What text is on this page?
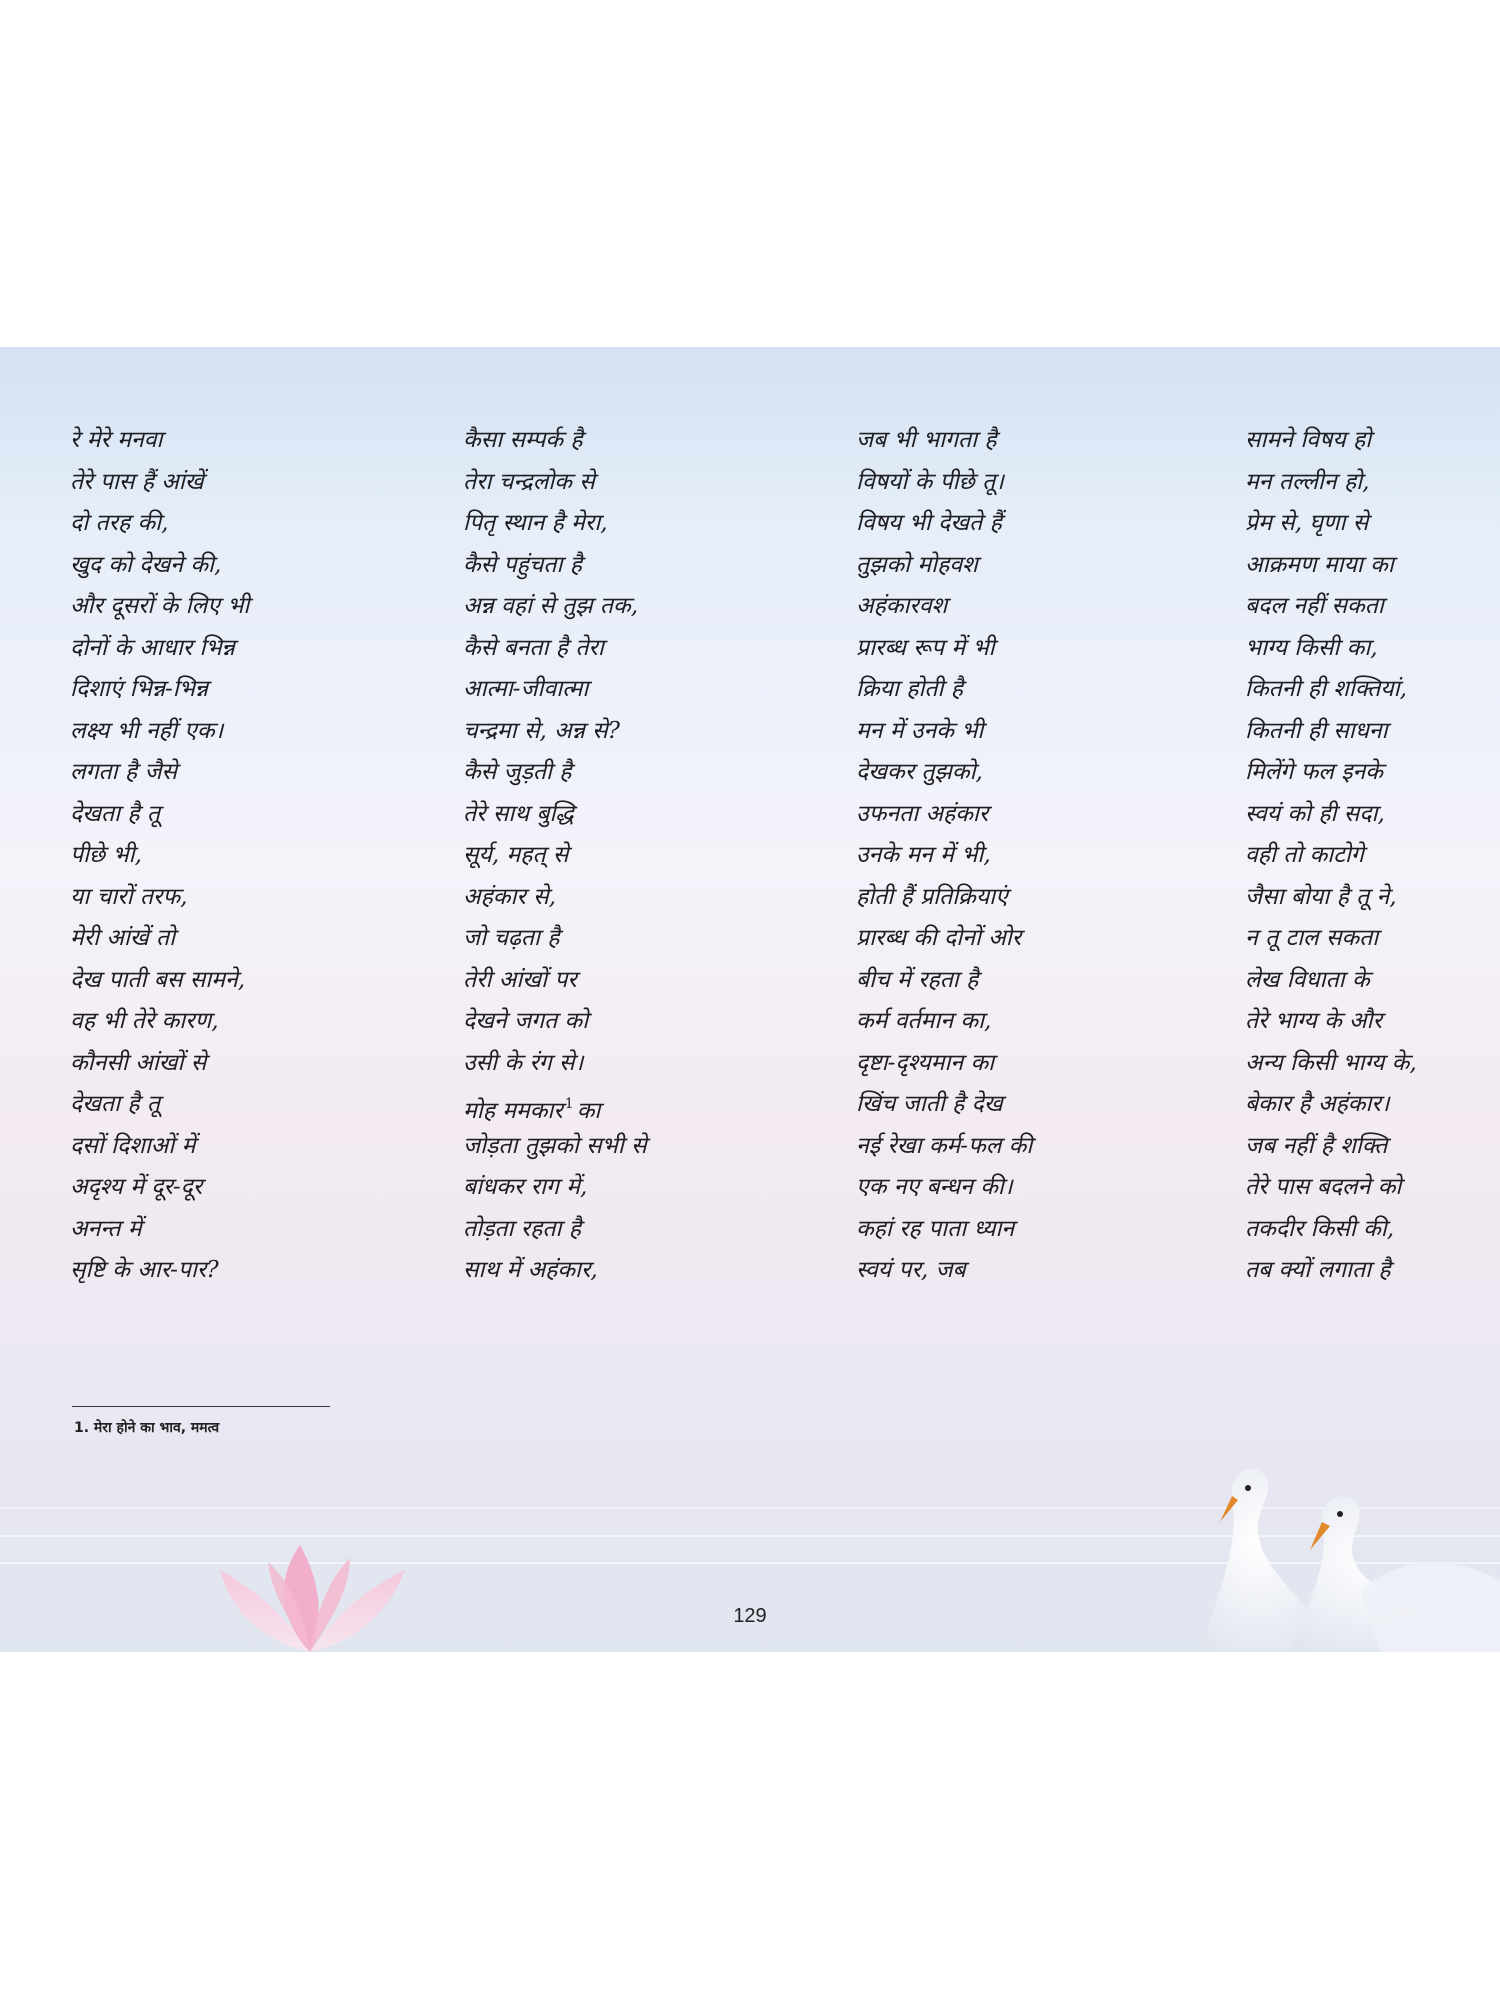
रे मेरे मनवा
तेरे पास हैं आंखें
दो तरह की,
खुद को देखने की,
और दूसरों के लिए भी
दोनों के आधार भिन्न
दिशाएं भिन्न-भिन्न
लक्ष्य भी नहीं एक।
लगता है जैसे
देखता है तू
पीछे भी,
या चारों तरफ,
मेरी आंखें तो
देख पाती बस सामने,
वह भी तेरे कारण,
कौनसी आंखों से
देखता है तू
दसों दिशाओं में
अदृश्य में दूर-दूर
अनन्त में
सृष्टि के आर-पार?
कैसा सम्पर्क है
तेरा चन्द्रलोक से
पितृ स्थान है मेरा,
कैसे पहुंचता है
अन्न वहां से तुझ तक,
कैसे बनता है तेरा
आत्मा-जीवात्मा
चन्द्रमा से, अन्न से?
कैसे जुड़ती है
तेरे साथ बुद्धि
सूर्य, महत् से
अहंकार से,
जो चढ़ता है
तेरी आंखों पर
देखने जगत को
उसी के रंग से।
मोह ममकार $^1$ का
जोड़ता तुझको सभी से
बांधकर राग में,
तोड़ता रहता है
साथ में अहंकार,
जब भी भागता है
विषयों के पीछे तू।
विषय भी देखते हैं
तुझको मोहवश
अहंकारवश
प्रारब्ध रूप में भी
क्रिया होती है
मन में उनके भी
देखकर तुझको,
उफनता अहंकार
उनके मन में भी,
होती हैं प्रतिक्रियाएं
प्रारब्ध की दोनों ओर
बीच में रहता है
कर्म वर्तमान का,
दृष्टा-दृश्यमान का
खिंच जाती है देख
नई रेखा कर्म-फल की
एक नए बन्धन की।
कहां रह पाता ध्यान
स्वयं पर, जब
सामने विषय हो
मन तल्लीन हो,
प्रेम से, घृणा से
आक्रमण माया का
बदल नहीं सकता
भाग्य किसी का,
कितनी ही शक्तियां,
कितनी ही साधना
मिलेंगे फल इनके
स्वयं को ही सदा,
वही तो काटोगे
जैसा बोया है तू ने,
न तू टाल सकता
लेख विधाता के
तेरे भाग्य के और
अन्य किसी भाग्य के,
बेकार है अहंकार।
जब नहीं है शक्ति
तेरे पास बदलने को
तकदीर किसी की,
तब क्यों लगाता है
1. मेरा होने का भाव, ममत्व
129
